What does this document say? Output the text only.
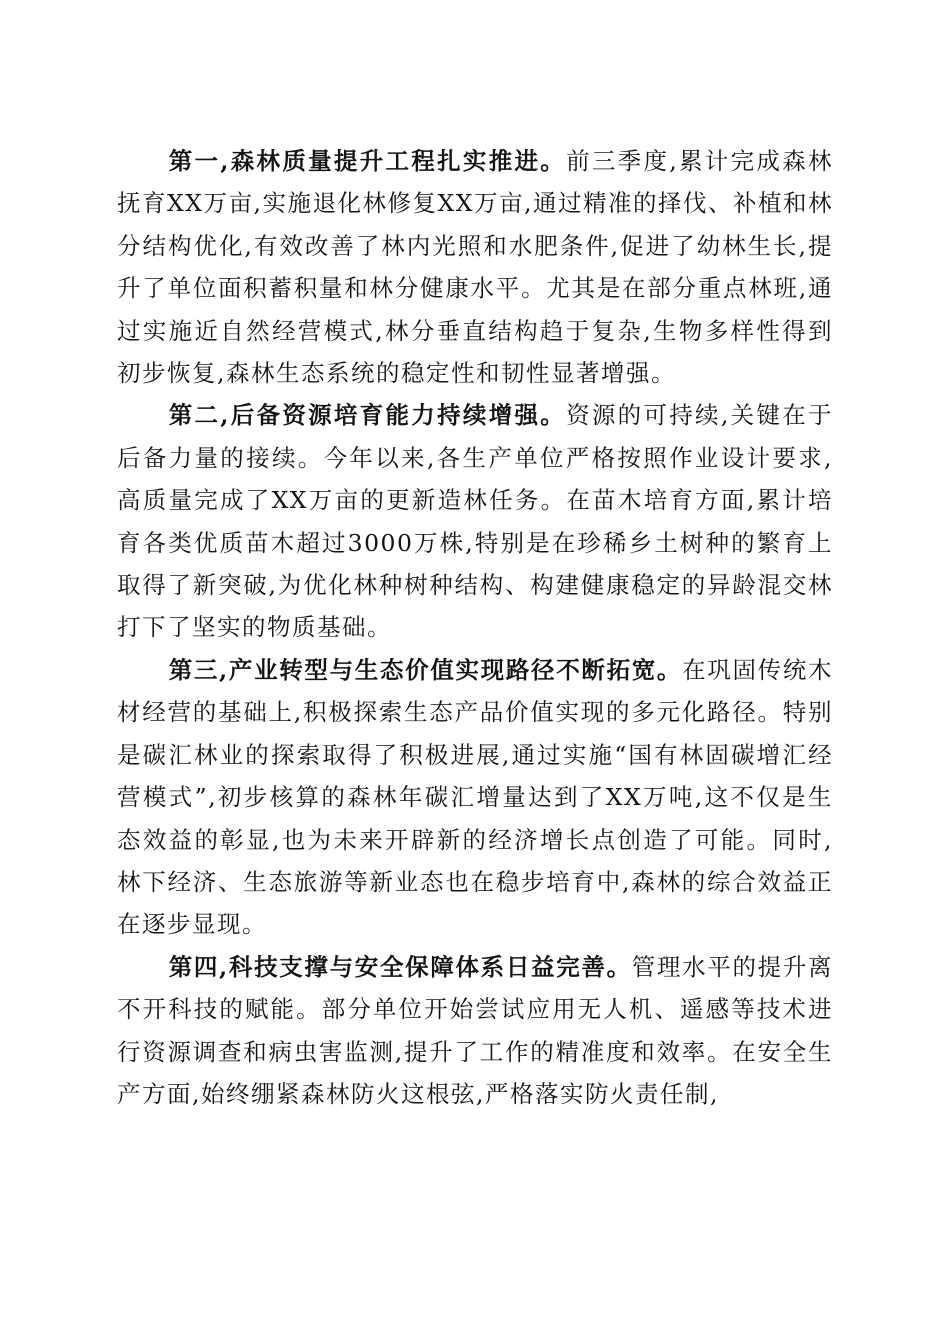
第一,森林质量提升工程扎实推进。前三季度,累计完成森林抚育XX万亩,实施退化林修复XX万亩,通过精准的择伐、补植和林分结构优化,有效改善了林内光照和水肥条件,促进了幼林生长,提升了单位面积蓄积量和林分健康水平。尤其是在部分重点林班,通过实施近自然经营模式,林分垂直结构趋于复杂,生物多样性得到初步恢复,森林生态系统的稳定性和韧性显著增强。

第二,后备资源培育能力持续增强。资源的可持续,关键在于后备力量的接续。今年以来,各生产单位严格按照作业设计要求,高质量完成了XX万亩的更新造林任务。在苗木培育方面,累计培育各类优质苗木超过3000万株,特别是在珍稀乡土树种的繁育上取得了新突破,为优化林种树种结构、构建健康稳定的异龄混交林打下了坚实的物质基础。

第三,产业转型与生态价值实现路径不断拓宽。在巩固传统木材经营的基础上,积极探索生态产品价值实现的多元化路径。特别是碳汇林业的探索取得了积极进展,通过实施“国有林固碳增汇经营模式”,初步核算的森林年碳汇增量达到了XX万吨,这不仅是生态效益的彰显,也为未来开辟新的经济增长点创造了可能。同时,林下经济、生态旅游等新业态也在稳步培育中,森林的综合效益正在逐步显现。

第四,科技支撑与安全保障体系日益完善。管理水平的提升离不开科技的赋能。部分单位开始尝试应用无人机、遥感等技术进行资源调查和病虫害监测,提升了工作的精准度和效率。在安全生产方面,始终绷紧森林防火这根弦,严格落实防火责任制,
